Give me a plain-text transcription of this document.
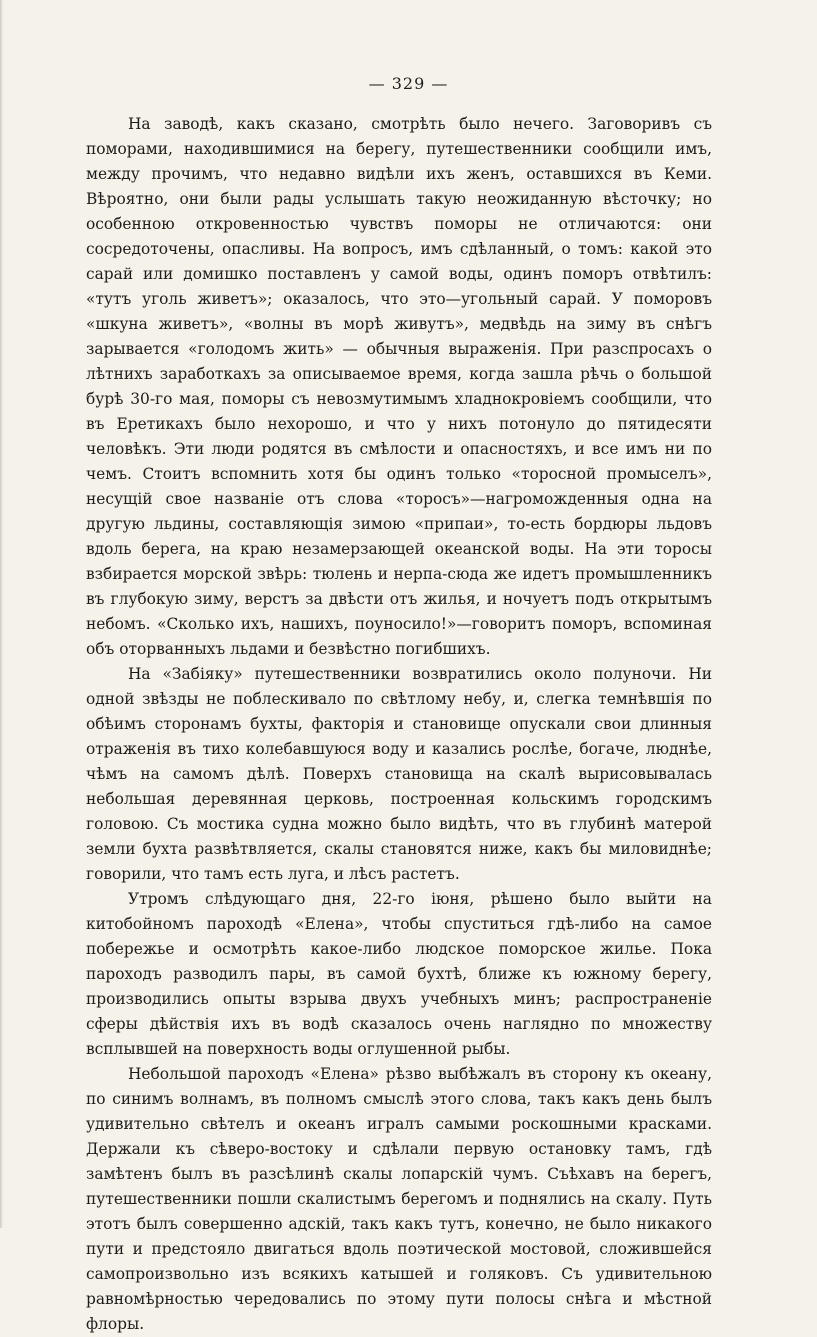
— 329 —

На заводѣ, какъ сказано, смотрѣть было нечего. Заговоривъ съ поморами, находившимися на берегу, путешественники сообщили имъ, между прочимъ, что недавно видѣли ихъ женъ, оставшихся въ Кеми. Вѣроятно, они были рады услышать такую неожиданную вѣсточку; но особенною откровенностью чувствъ поморы не отличаются: они сосредоточены, опасливы. На вопросъ, имъ сдѣланный, о томъ: какой это сарай или домишко поставленъ у самой воды, одинъ поморъ отвѣтилъ: «тутъ уголь живетъ»; оказалось, что это—угольный сарай. У поморовъ «шкуна живетъ», «волны въ морѣ живутъ», медвѣдь на зиму въ снѣгъ зарывается «голодомъ жить» — обычныя выраженія. При разспросахъ о лѣтнихъ заработкахъ за описываемое время, когда зашла рѣчь о большой бурѣ 30-го мая, поморы съ невозмутимымъ хладнокровіемъ сообщили, что въ Еретикахъ было нехорошо, и что у нихъ потонуло до пятидесяти человѣкъ. Эти люди родятся въ смѣлости и опасностяхъ, и все имъ ни по чемъ. Стоитъ вспомнить хотя бы одинъ только «торосной промыселъ», несущій свое названіе отъ слова «торосъ»—нагроможденныя одна на другую льдины, составляющія зимою «припаи», то-есть бордюры льдовъ вдоль берега, на краю незамерзающей океанской воды. На эти торосы взбирается морской звѣрь: тюлень и нерпа-сюда же идетъ промышленникъ въ глубокую зиму, верстъ за двѣсти отъ жилья, и ночуетъ подъ открытымъ небомъ. «Сколько ихъ, нашихъ, поуносило!»—говоритъ поморъ, вспоминая объ оторванныхъ льдами и безвѣстно погибшихъ.

На «Забіяку» путешественники возвратились около полуночи. Ни одной звѣзды не поблескивало по свѣтлому небу, и, слегка темнѣвшія по обѣимъ сторонамъ бухты, факторія и становище опускали свои длинныя отраженія въ тихо колебавшуюся воду и казались рослѣе, богаче, люднѣе, чѣмъ на самомъ дѣлѣ. Поверхъ становища на скалѣ вырисовывалась небольшая деревянная церковь, построенная кольскимъ городскимъ головою. Съ мостика судна можно было видѣть, что въ глубинѣ матерой земли бухта развѣтвляется, скалы становятся ниже, какъ бы миловиднѣе; говорили, что тамъ есть луга, и лѣсъ растетъ.

Утромъ слѣдующаго дня, 22-го іюня, рѣшено было выйти на китобойномъ пароходѣ «Елена», чтобы спуститься гдѣ-либо на самое побережье и осмотрѣть какое-либо людское поморское жилье. Пока пароходъ разводилъ пары, въ самой бухтѣ, ближе къ южному берегу, производились опыты взрыва двухъ учебныхъ минъ; распространеніе сферы дѣйствія ихъ въ водѣ сказалось очень наглядно по множеству всплывшей на поверхность воды оглушенной рыбы.

Небольшой пароходъ «Елена» рѣзво выбѣжалъ въ сторону къ океану, по синимъ волнамъ, въ полномъ смыслѣ этого слова, такъ какъ день былъ удивительно свѣтелъ и океанъ игралъ самыми роскошными красками. Держали къ сѣверо-востоку и сдѣлали первую остановку тамъ, гдѣ замѣтенъ былъ въ разсѣлинѣ скалы лопарскій чумъ. Съѣхавъ на берегъ, путешественники пошли скалистымъ берегомъ и поднялись на скалу. Путь этотъ былъ совершенно адскій, такъ какъ тутъ, конечно, не было никакого пути и предстояло двигаться вдоль поэтической мостовой, сложившейся самопроизвольно изъ всякихъ катышей и голяковъ. Съ удивительною равномѣрностью чередовались по этому пути полосы снѣга и мѣстной флоры.
